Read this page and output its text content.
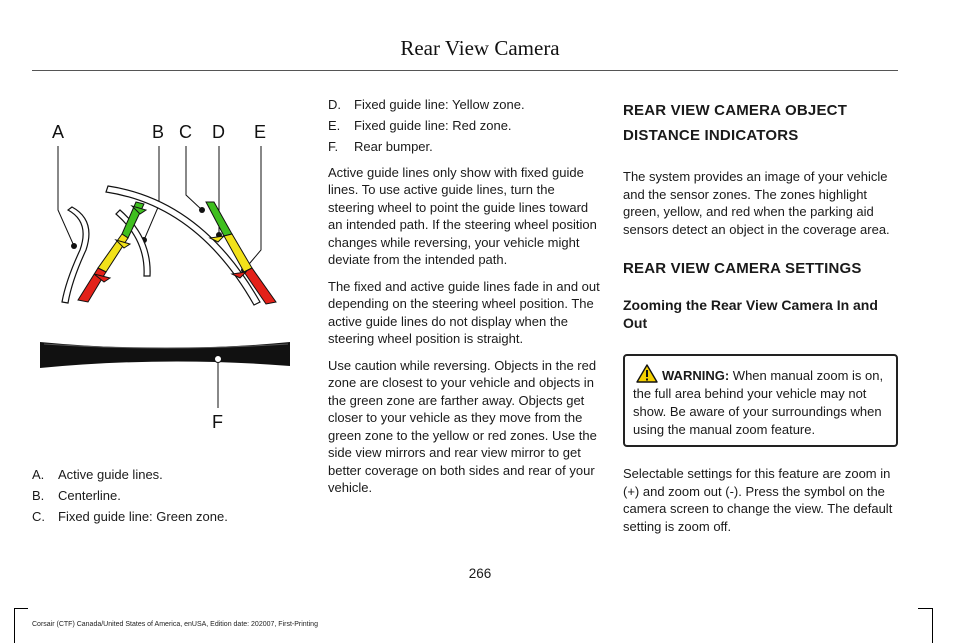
Rear View Camera
A	B C D E
F
A.	Active guide lines.
B.	Centerline.
C.	Fixed guide line: Green zone.
D.	Fixed guide line: Yellow zone.
E.	Fixed guide line: Red zone.
F.	Rear bumper.

Active guide lines only show with fixed guide lines. To use active guide lines, turn the steering wheel to point the guide lines toward an intended path. If the steering wheel position changes while reversing, your vehicle might deviate from the intended path.

The fixed and active guide lines fade in and out depending on the steering wheel position. The active guide lines do not display when the steering wheel position is straight.

Use caution while reversing. Objects in the red zone are closest to your vehicle and objects in the green zone are farther away. Objects get closer to your vehicle as they move from the green zone to the yellow or red zones. Use the side view mirrors and rear view mirror to get better coverage on both sides and rear of your vehicle.

REAR VIEW CAMERA OBJECT DISTANCE INDICATORS

The system provides an image of your vehicle and the sensor zones. The zones highlight green, yellow, and red when the parking aid sensors detect an object in the coverage area.

REAR VIEW CAMERA SETTINGS
Zooming the Rear View Camera In and Out
WARNING: When manual zoom is on, the full area behind your vehicle may not show. Be aware of your surroundings when using the manual zoom feature.

Selectable settings for this feature are zoom in (+) and zoom out (-). Press the symbol on the camera screen to change the view. The default setting is zoom off.

266
Corsair (CTF) Canada/United States of America, enUSA, Edition date: 202007, First-Printing
